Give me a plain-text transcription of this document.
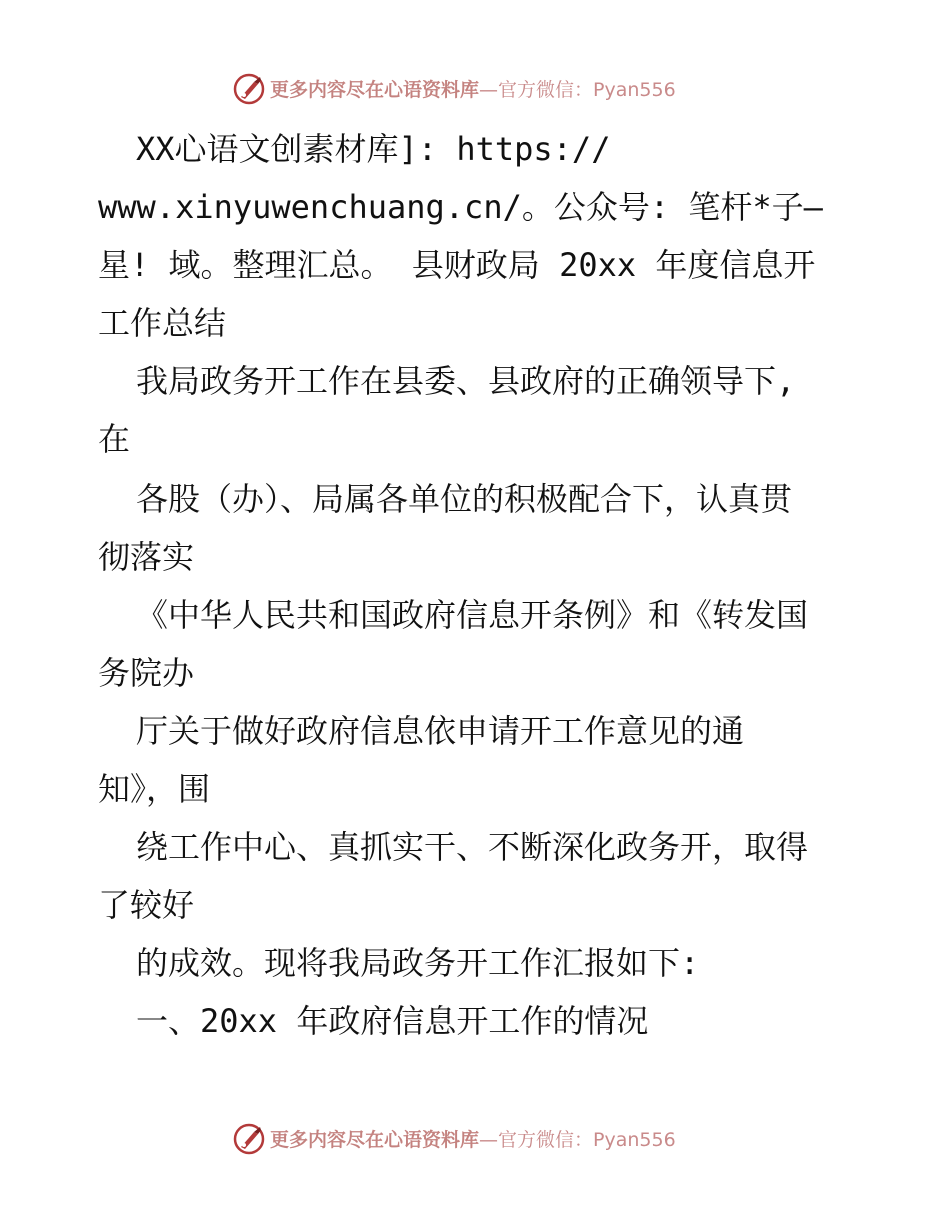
更多内容尽在心语资料库—官方微信：Pyan556
XX心语文创素材库]: https://
www.xinyuwenchuang.cn/。公众号: 笔杆*子—
星! 域。整理汇总。 县财政局 20xx 年度信息开
工作总结
我局政务开工作在县委、县政府的正确领导下,
在
各股（办）、局属各单位的积极配合下，认真贯
彻落实
《中华人民共和国政府信息开条例》和《转发国
务院办
厅关于做好政府信息依申请开工作意见的通
知》，围
绕工作中心、真抓实干、不断深化政务开，取得
了较好
的成效。现将我局政务开工作汇报如下:
一、20xx 年政府信息开工作的情况
更多内容尽在心语资料库—官方微信：Pyan556
